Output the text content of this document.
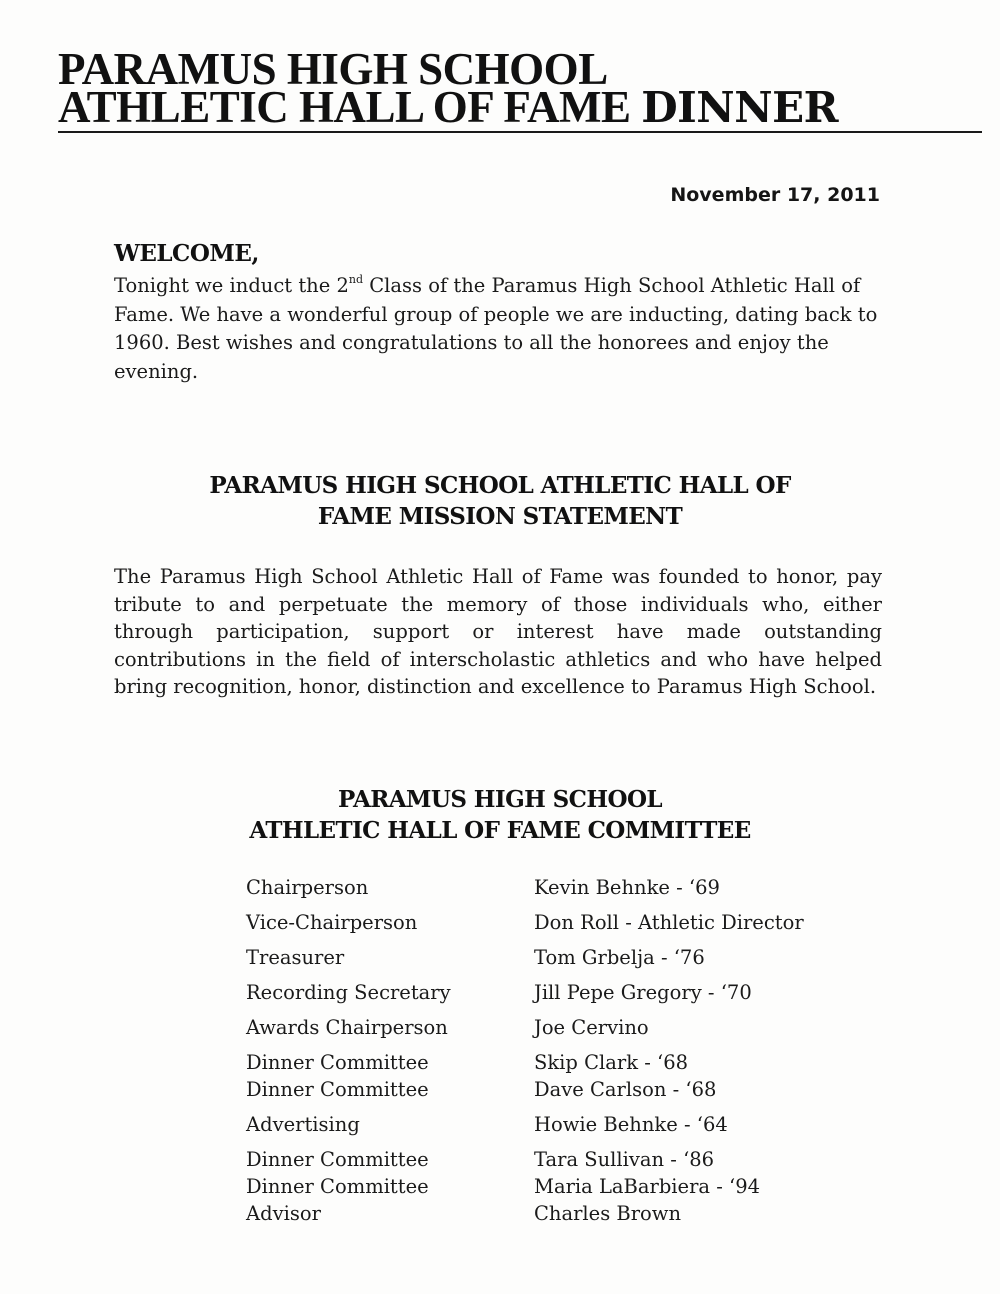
PARAMUS HIGH SCHOOL
ATHLETIC HALL OF FAME DINNER
November 17, 2011
WELCOME,
Tonight we induct the 2nd Class of the Paramus High School Athletic Hall of Fame. We have a wonderful group of people we are inducting, dating back to 1960. Best wishes and congratulations to all the honorees and enjoy the evening.
PARAMUS HIGH SCHOOL ATHLETIC HALL OF
FAME MISSION STATEMENT
The Paramus High School Athletic Hall of Fame was founded to honor, pay tribute to and perpetuate the memory of those individuals who, either through participation, support or interest have made outstanding contributions in the field of interscholastic athletics and who have helped bring recognition, honor, distinction and excellence to Paramus High School.
PARAMUS HIGH SCHOOL
ATHLETIC HALL OF FAME COMMITTEE
Chairperson	Kevin Behnke - ‘69
Vice-Chairperson	Don Roll - Athletic Director
Treasurer	Tom Grbelja - ‘76
Recording Secretary	Jill Pepe Gregory - ‘70
Awards Chairperson	Joe Cervino
Dinner Committee	Skip Clark - ‘68
Dinner Committee	Dave Carlson - ‘68
Advertising	Howie Behnke - ‘64
Dinner Committee	Tara Sullivan - ‘86
Dinner Committee	Maria LaBarbiera - ‘94
Advisor	Charles Brown
